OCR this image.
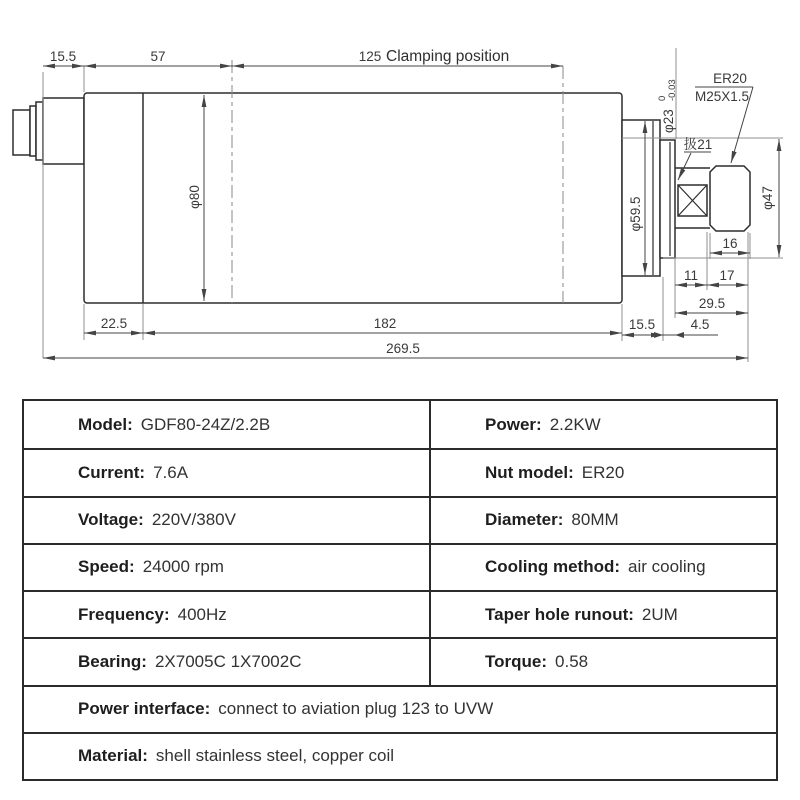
15.5	57	125 Clamping position
φ80	φ59.5	φ47
φ23
0 -0.03
ER20
M25X1.5
扱21
16
11 17
29.5
22.5	182	15.5	4.5
269.5
Model: GDF80-24Z/2.2B	Power: 2.2KW
Current: 7.6A	Nut model: ER20
Voltage: 220V/380V	Diameter: 80MM
Speed: 24000 rpm	Cooling method: air cooling
Frequency: 400Hz	Taper hole runout: 2UM
Bearing: 2X7005C 1X7002C	Torque: 0.58
Power interface: connect to aviation plug 123 to UVW
Material: shell stainless steel, copper coil
